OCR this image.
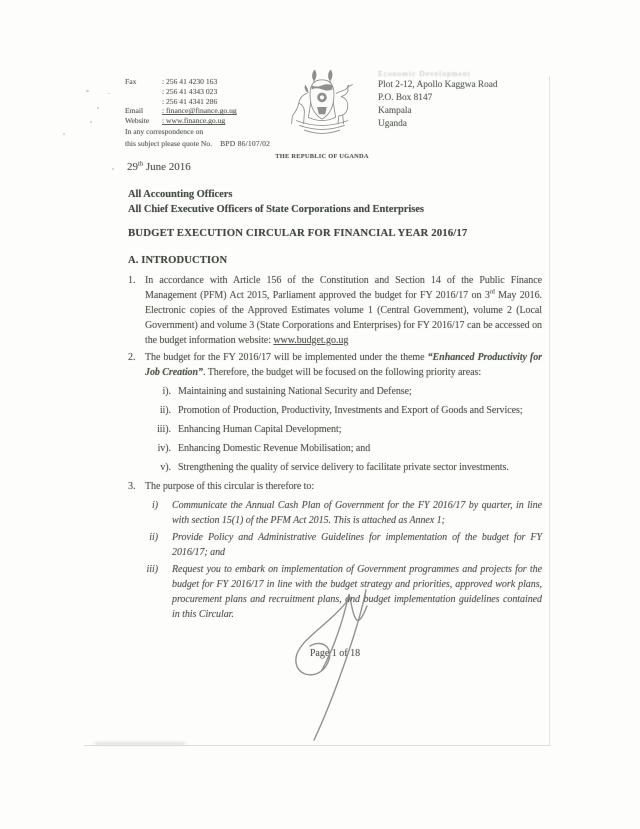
Fax	: 256 41 4230 163
: 256 41 4343 023
: 256 41 4341 286
Email	: finance@finance.go.ug
Website	: www.finance.go.ug
In any correspondence on
this subject please quote No. BPD 86/107/02
THE REPUBLIC OF UGANDA
Economic Development
Plot 2-12, Apollo Kaggwa Road
P.O. Box 8147
Kampala
Uganda
29th June 2016
All Accounting Officers
All Chief Executive Officers of State Corporations and Enterprises
BUDGET EXECUTION CIRCULAR FOR FINANCIAL YEAR 2016/17
A. INTRODUCTION
1. In accordance with Article 156 of the Constitution and Section 14 of the Public Finance Management (PFM) Act 2015, Parliament approved the budget for FY 2016/17 on 3rd May 2016. Electronic copies of the Approved Estimates volume 1 (Central Government), volume 2 (Local Government) and volume 3 (State Corporations and Enterprises) for FY 2016/17 can be accessed on the budget information website: www.budget.go.ug
2. The budget for the FY 2016/17 will be implemented under the theme “Enhanced Productivity for Job Creation”. Therefore, the budget will be focused on the following priority areas:
i). Maintaining and sustaining National Security and Defense;
ii). Promotion of Production, Productivity, Investments and Export of Goods and Services;
iii). Enhancing Human Capital Development;
iv). Enhancing Domestic Revenue Mobilisation; and
v). Strengthening the quality of service delivery to facilitate private sector investments.
3. The purpose of this circular is therefore to:
i)	Communicate the Annual Cash Plan of Government for the FY 2016/17 by quarter, in line with section 15(1) of the PFM Act 2015. This is attached as Annex 1;
ii)	Provide Policy and Administrative Guidelines for implementation of the budget for FY 2016/17; and
iii)	Request you to embark on implementation of Government programmes and projects for the budget for FY 2016/17 in line with the budget strategy and priorities, approved work plans, procurement plans and recruitment plans, and budget implementation guidelines contained in this Circular.
Page 1 of 18
